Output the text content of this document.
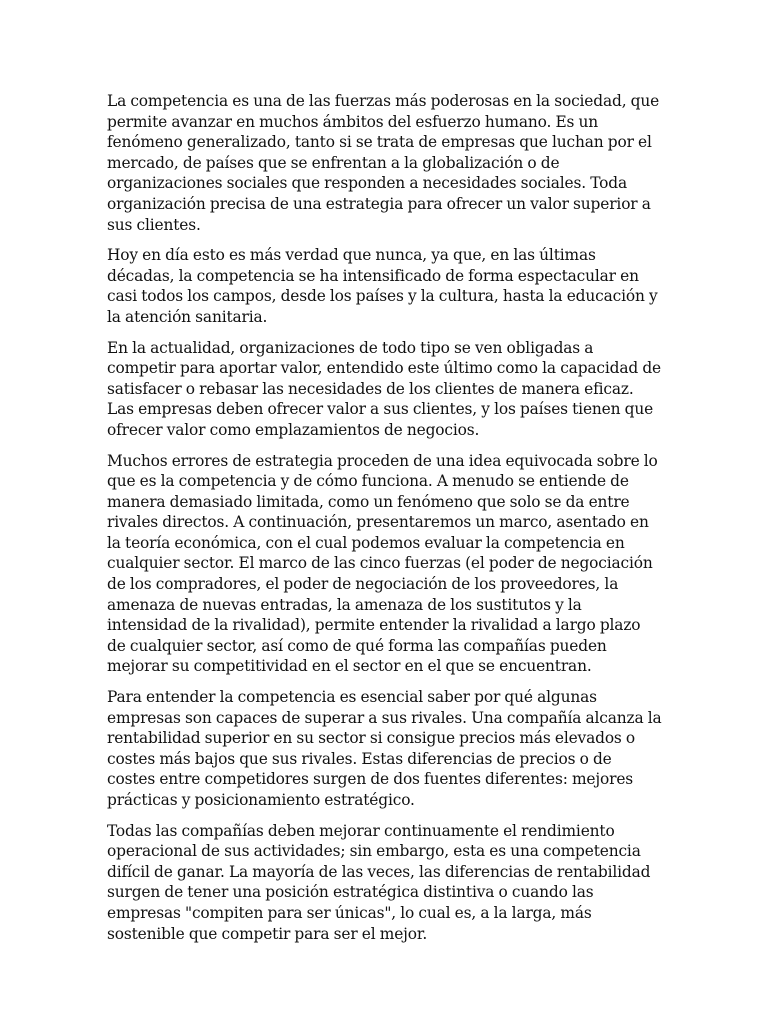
La competencia es una de las fuerzas más poderosas en la sociedad, que permite avanzar en muchos ámbitos del esfuerzo humano. Es un fenómeno generalizado, tanto si se trata de empresas que luchan por el mercado, de países que se enfrentan a la globalización o de organizaciones sociales que responden a necesidades sociales. Toda organización precisa de una estrategia para ofrecer un valor superior a sus clientes.

Hoy en día esto es más verdad que nunca, ya que, en las últimas décadas, la competencia se ha intensificado de forma espectacular en casi todos los campos, desde los países y la cultura, hasta la educación y la atención sanitaria.

En la actualidad, organizaciones de todo tipo se ven obligadas a competir para aportar valor, entendido este último como la capacidad de satisfacer o rebasar las necesidades de los clientes de manera eficaz. Las empresas deben ofrecer valor a sus clientes, y los países tienen que ofrecer valor como emplazamientos de negocios.

Muchos errores de estrategia proceden de una idea equivocada sobre lo que es la competencia y de cómo funciona. A menudo se entiende de manera demasiado limitada, como un fenómeno que solo se da entre rivales directos. A continuación, presentaremos un marco, asentado en la teoría económica, con el cual podemos evaluar la competencia en cualquier sector. El marco de las cinco fuerzas (el poder de negociación de los compradores, el poder de negociación de los proveedores, la amenaza de nuevas entradas, la amenaza de los sustitutos y la intensidad de la rivalidad), permite entender la rivalidad a largo plazo de cualquier sector, así como de qué forma las compañías pueden mejorar su competitividad en el sector en el que se encuentran.

Para entender la competencia es esencial saber por qué algunas empresas son capaces de superar a sus rivales. Una compañía alcanza la rentabilidad superior en su sector si consigue precios más elevados o costes más bajos que sus rivales. Estas diferencias de precios o de costes entre competidores surgen de dos fuentes diferentes: mejores prácticas y posicionamiento estratégico.

Todas las compañías deben mejorar continuamente el rendimiento operacional de sus actividades; sin embargo, esta es una competencia difícil de ganar. La mayoría de las veces, las diferencias de rentabilidad surgen de tener una posición estratégica distintiva o cuando las empresas "compiten para ser únicas", lo cual es, a la larga, más sostenible que competir para ser el mejor.
